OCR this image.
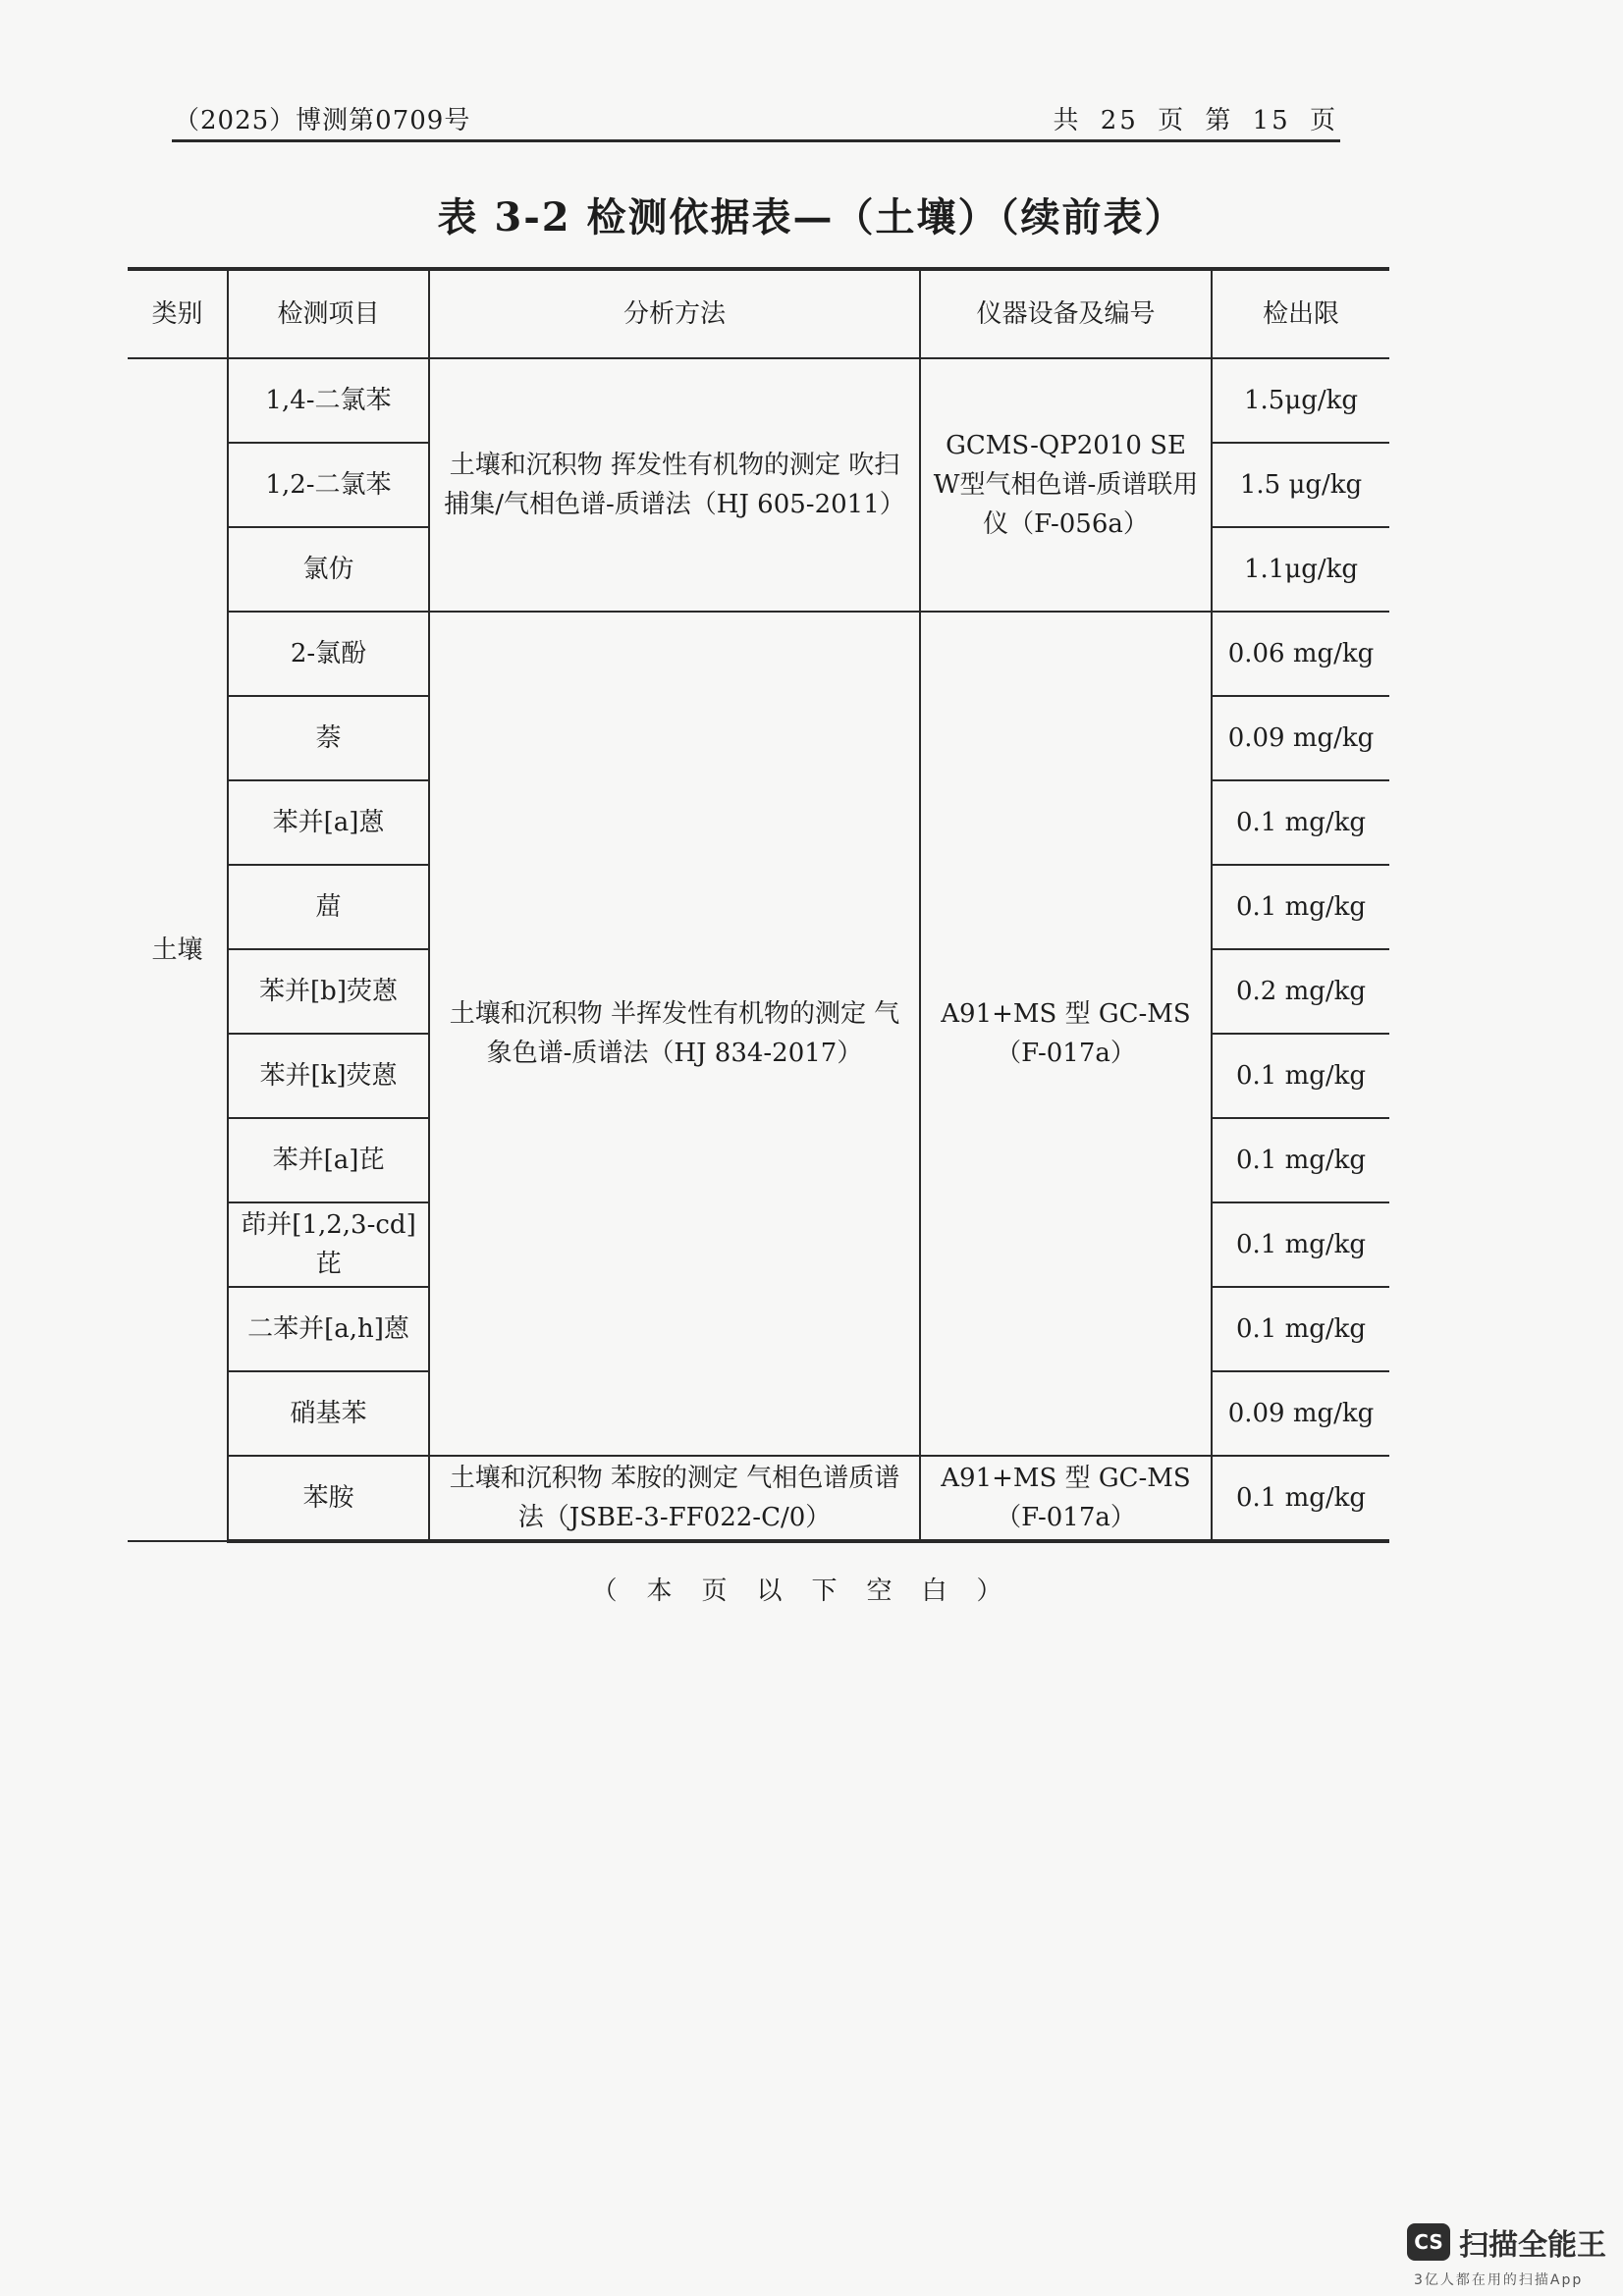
（2025）博测第0709号	共 25 页 第 15 页
表 3-2 检测依据表—（土壤）（续前表）
类别	检测项目	分析方法	仪器设备及编号	检出限
土壤	1,4-二氯苯	土壤和沉积物 挥发性有机物的测定 吹扫捕集/气相色谱-质谱法（HJ 605-2011）	GCMS-QP2010 SE W型气相色谱-质谱联用仪（F-056a）	1.5μg/kg
	1,2-二氯苯			1.5 μg/kg
	氯仿			1.1μg/kg
	2-氯酚	土壤和沉积物 半挥发性有机物的测定 气象色谱-质谱法（HJ 834-2017）	A91+MS 型 GC-MS（F-017a）	0.06 mg/kg
	萘			0.09 mg/kg
	苯并[a]蒽			0.1 mg/kg
	䓛			0.1 mg/kg
	苯并[b]荧蒽			0.2 mg/kg
	苯并[k]荧蒽			0.1 mg/kg
	苯并[a]芘			0.1 mg/kg
	茚并[1,2,3-cd]芘			0.1 mg/kg
	二苯并[a,h]蒽			0.1 mg/kg
	硝基苯			0.09 mg/kg
	苯胺	土壤和沉积物 苯胺的测定 气相色谱质谱法（JSBE-3-FF022-C/0）	A91+MS 型 GC-MS（F-017a）	0.1 mg/kg
（本页以下空白）
CS 扫描全能王
3亿人都在用的扫描App
